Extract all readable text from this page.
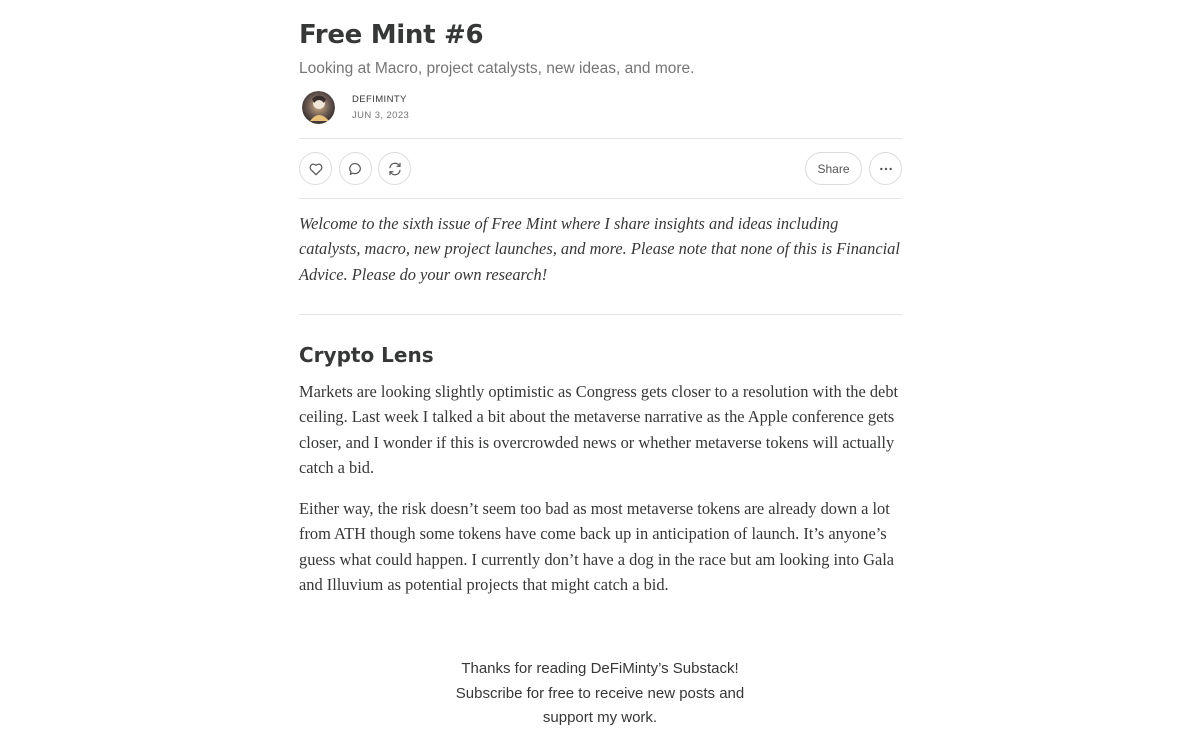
Free Mint #6

Looking at Macro, project catalysts, new ideas, and more.

DEFIMINTY
JUN 3, 2023
Share

Welcome to the sixth issue of Free Mint where I share insights and ideas including catalysts, macro, new project launches, and more. Please note that none of this is Financial Advice. Please do your own research!

Crypto Lens

Markets are looking slightly optimistic as Congress gets closer to a resolution with the debt ceiling. Last week I talked a bit about the metaverse narrative as the Apple conference gets closer, and I wonder if this is overcrowded news or whether metaverse tokens will actually catch a bid.

Either way, the risk doesn’t seem too bad as most metaverse tokens are already down a lot from ATH though some tokens have come back up in anticipation of launch. It’s anyone’s guess what could happen. I currently don’t have a dog in the race but am looking into Gala and Illuvium as potential projects that might catch a bid.

Thanks for reading DeFiMinty’s Substack!
Subscribe for free to receive new posts and
support my work.
